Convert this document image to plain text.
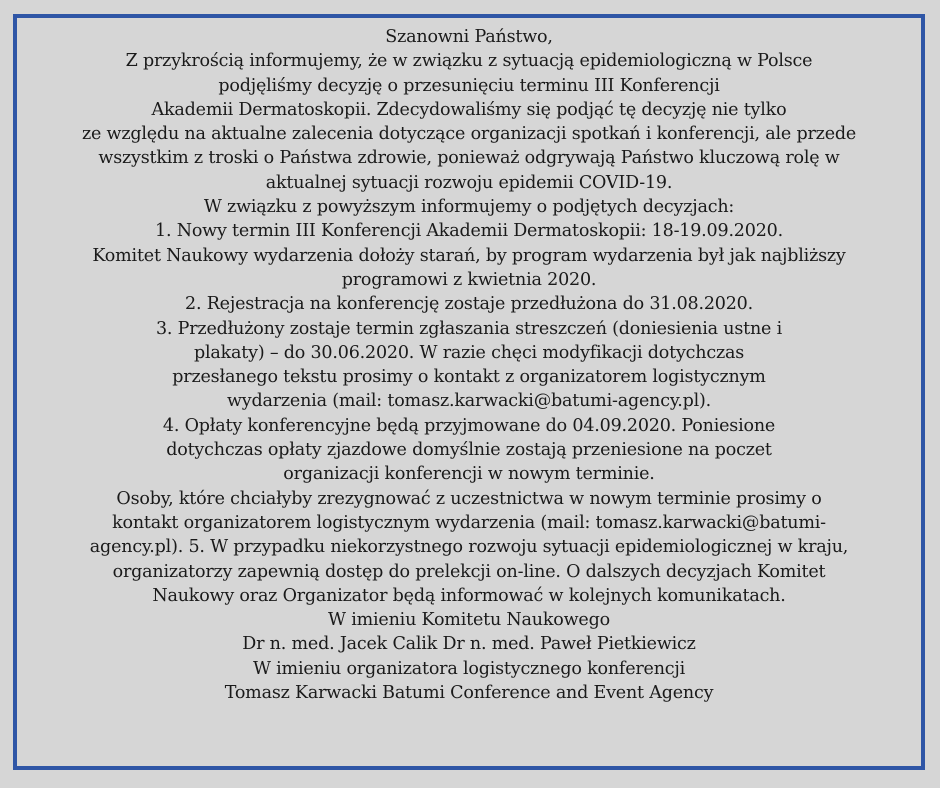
Szanowni Państwo,
Z przykrością informujemy, że w związku z sytuacją epidemiologiczną w Polsce
podjęliśmy decyzję o przesunięciu terminu III Konferencji
Akademii Dermatoskopii. Zdecydowaliśmy się podjąć tę decyzję nie tylko
ze względu na aktualne zalecenia dotyczące organizacji spotkań i konferencji, ale przede
wszystkim z troski o Państwa zdrowie, ponieważ odgrywają Państwo kluczową rolę w
aktualnej sytuacji rozwoju epidemii COVID-19.
W związku z powyższym informujemy o podjętych decyzjach:
1. Nowy termin III Konferencji Akademii Dermatoskopii: 18-19.09.2020.
Komitet Naukowy wydarzenia dołoży starań, by program wydarzenia był jak najbliższy
programowi z kwietnia 2020.
2. Rejestracja na konferencję zostaje przedłużona do 31.08.2020.
3. Przedłużony zostaje termin zgłaszania streszczeń (doniesienia ustne i
plakaty) – do 30.06.2020. W razie chęci modyfikacji dotychczas
przesłanego tekstu prosimy o kontakt z organizatorem logistycznym
wydarzenia (mail: tomasz.karwacki@batumi-agency.pl).
4. Opłaty konferencyjne będą przyjmowane do 04.09.2020. Poniesione
dotychczas opłaty zjazdowe domyślnie zostają przeniesione na poczet
organizacji konferencji w nowym terminie.
Osoby, które chciałyby zrezygnować z uczestnictwa w nowym terminie prosimy o
kontakt organizatorem logistycznym wydarzenia (mail: tomasz.karwacki@batumi-
agency.pl). 5. W przypadku niekorzystnego rozwoju sytuacji epidemiologicznej w kraju,
organizatorzy zapewnią dostęp do prelekcji on-line. O dalszych decyzjach Komitet
Naukowy oraz Organizator będą informować w kolejnych komunikatach.
W imieniu Komitetu Naukowego
Dr n. med. Jacek Calik Dr n. med. Paweł Pietkiewicz
W imieniu organizatora logistycznego konferencji
Tomasz Karwacki Batumi Conference and Event Agency
